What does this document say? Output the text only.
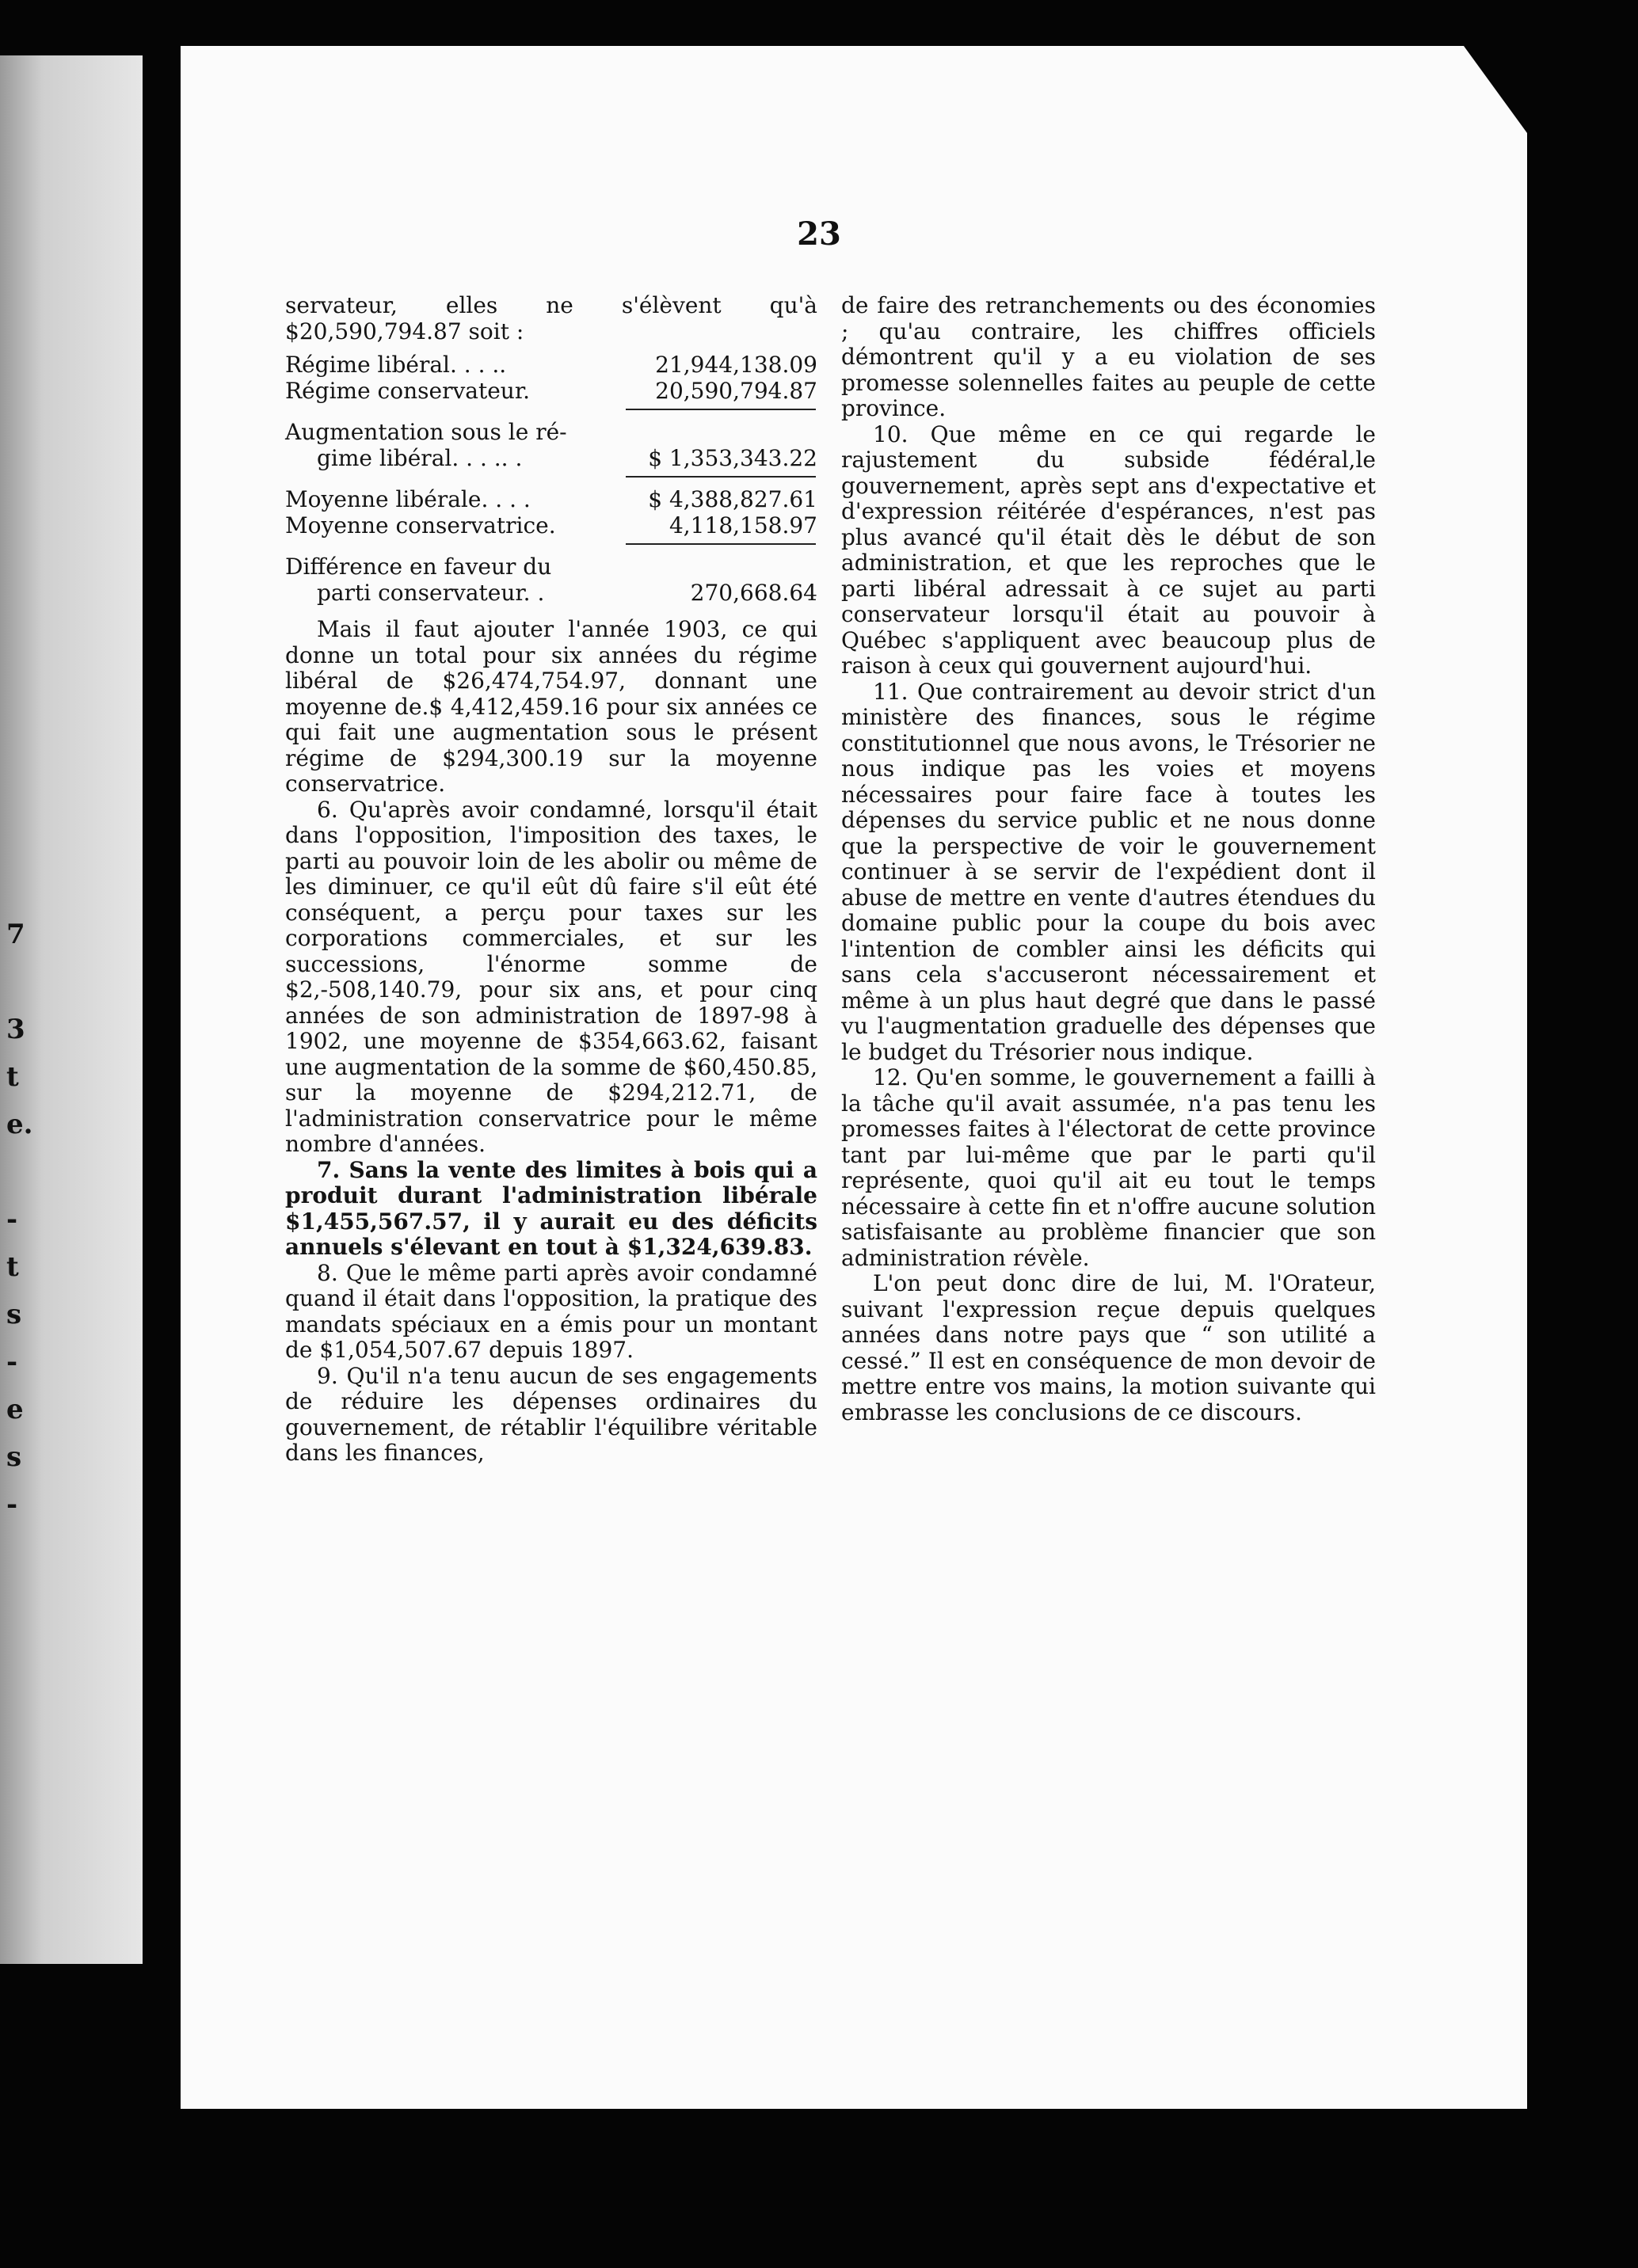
7

3
t
e.

-
t
s
-
e
s
-
23

servateur, elles ne s'élèvent qu'à $20,590,794.87 soit :

Régime libéral. . . ..	21,944,138.09
Régime conservateur.	20,590,794.87
Augmentation sous le ré-
gime libéral. . . .. .	$ 1,353,343.22
Moyenne libérale. . . .	$ 4,388,827.61
Moyenne conservatrice.	4,118,158.97
Différence en faveur du
parti conservateur. .	270,668.64

Mais il faut ajouter l'année 1903, ce qui donne un total pour six années du régime libéral de $26,474,754.97, donnant une moyenne de.$ 4,412,459.16 pour six années ce qui fait une augmentation sous le présent régime de $294,300.19 sur la moyenne conservatrice.

6. Qu'après avoir condamné, lorsqu'il était dans l'opposition, l'imposition des taxes, le parti au pouvoir loin de les abolir ou même de les diminuer, ce qu'il eût dû faire s'il eût été conséquent, a perçu pour taxes sur les corporations commerciales, et sur les successions, l'énorme somme de $2,-508,140.79, pour six ans, et pour cinq années de son administration de 1897-98 à 1902, une moyenne de $354,663.62, faisant une augmentation de la somme de $60,450.85, sur la moyenne de $294,212.71, de l'administration conservatrice pour le même nombre d'années.

7. Sans la vente des limites à bois qui a produit durant l'administration libérale $1,455,567.57, il y aurait eu des déficits annuels s'élevant en tout à $1,324,639.83.

8. Que le même parti après avoir condamné quand il était dans l'opposition, la pratique des mandats spéciaux en a émis pour un montant de $1,054,507.67 depuis 1897.

9. Qu'il n'a tenu aucun de ses engagements de réduire les dépenses ordinaires du gouvernement, de rétablir l'équilibre véritable dans les finances,

de faire des retranchements ou des économies ; qu'au contraire, les chiffres officiels démontrent qu'il y a eu violation de ses promesse solennelles faites au peuple de cette province.

10. Que même en ce qui regarde le rajustement du subside fédéral,le gouvernement, après sept ans d'expectative et d'expression réitérée d'espérances, n'est pas plus avancé qu'il était dès le début de son administration, et que les reproches que le parti libéral adressait à ce sujet au parti conservateur lorsqu'il était au pouvoir à Québec s'appliquent avec beaucoup plus de raison à ceux qui gouvernent aujourd'hui.

11. Que contrairement au devoir strict d'un ministère des finances, sous le régime constitutionnel que nous avons, le Trésorier ne nous indique pas les voies et moyens nécessaires pour faire face à toutes les dépenses du service public et ne nous donne que la perspective de voir le gouvernement continuer à se servir de l'expédient dont il abuse de mettre en vente d'autres étendues du domaine public pour la coupe du bois avec l'intention de combler ainsi les déficits qui sans cela s'accuseront nécessairement et même à un plus haut degré que dans le passé vu l'augmentation graduelle des dépenses que le budget du Trésorier nous indique.

12. Qu'en somme, le gouvernement a failli à la tâche qu'il avait assumée, n'a pas tenu les promesses faites à l'électorat de cette province tant par lui-même que par le parti qu'il représente, quoi qu'il ait eu tout le temps nécessaire à cette fin et n'offre aucune solution satisfaisante au problème financier que son administration révèle.

L'on peut donc dire de lui, M. l'Orateur, suivant l'expression reçue depuis quelques années dans notre pays que “ son utilité a cessé.” Il est en conséquence de mon devoir de mettre entre vos mains, la motion suivante qui embrasse les conclusions de ce discours.
